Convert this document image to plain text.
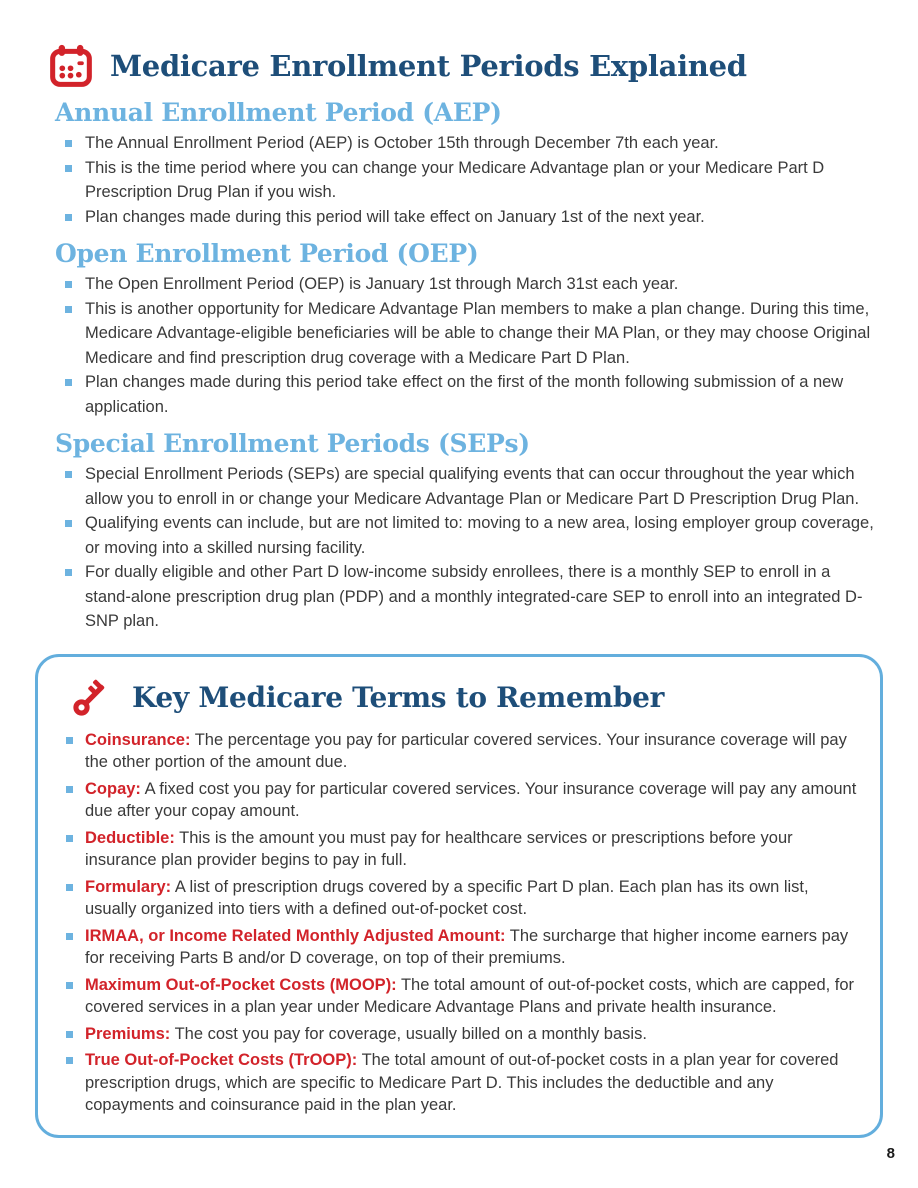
Medicare Enrollment Periods Explained
Annual Enrollment Period (AEP)
The Annual Enrollment Period (AEP) is October 15th through December 7th each year.
This is the time period where you can change your Medicare Advantage plan or your Medicare Part D Prescription Drug Plan if you wish.
Plan changes made during this period will take effect on January 1st of the next year.
Open Enrollment Period (OEP)
The Open Enrollment Period (OEP) is January 1st through March 31st each year.
This is another opportunity for Medicare Advantage Plan members to make a plan change. During this time, Medicare Advantage-eligible beneficiaries will be able to change their MA Plan, or they may choose Original Medicare and find prescription drug coverage with a Medicare Part D Plan.
Plan changes made during this period take effect on the first of the month following submission of a new application.
Special Enrollment Periods (SEPs)
Special Enrollment Periods (SEPs) are special qualifying events that can occur throughout the year which allow you to enroll in or change your Medicare Advantage Plan or Medicare Part D Prescription Drug Plan.
Qualifying events can include, but are not limited to: moving to a new area, losing employer group coverage, or moving into a skilled nursing facility.
For dually eligible and other Part D low-income subsidy enrollees, there is a monthly SEP to enroll in a stand-alone prescription drug plan (PDP) and a monthly integrated-care SEP to enroll into an integrated D-SNP plan.
Key Medicare Terms to Remember
Coinsurance: The percentage you pay for particular covered services. Your insurance coverage will pay the other portion of the amount due.
Copay: A fixed cost you pay for particular covered services. Your insurance coverage will pay any amount due after your copay amount.
Deductible: This is the amount you must pay for healthcare services or prescriptions before your insurance plan provider begins to pay in full.
Formulary: A list of prescription drugs covered by a specific Part D plan. Each plan has its own list, usually organized into tiers with a defined out-of-pocket cost.
IRMAA, or Income Related Monthly Adjusted Amount: The surcharge that higher income earners pay for receiving Parts B and/or D coverage, on top of their premiums.
Maximum Out-of-Pocket Costs (MOOP): The total amount of out-of-pocket costs, which are capped, for covered services in a plan year under Medicare Advantage Plans and private health insurance.
Premiums: The cost you pay for coverage, usually billed on a monthly basis.
True Out-of-Pocket Costs (TrOOP): The total amount of out-of-pocket costs in a plan year for covered prescription drugs, which are specific to Medicare Part D. This includes the deductible and any copayments and coinsurance paid in the plan year.
8
